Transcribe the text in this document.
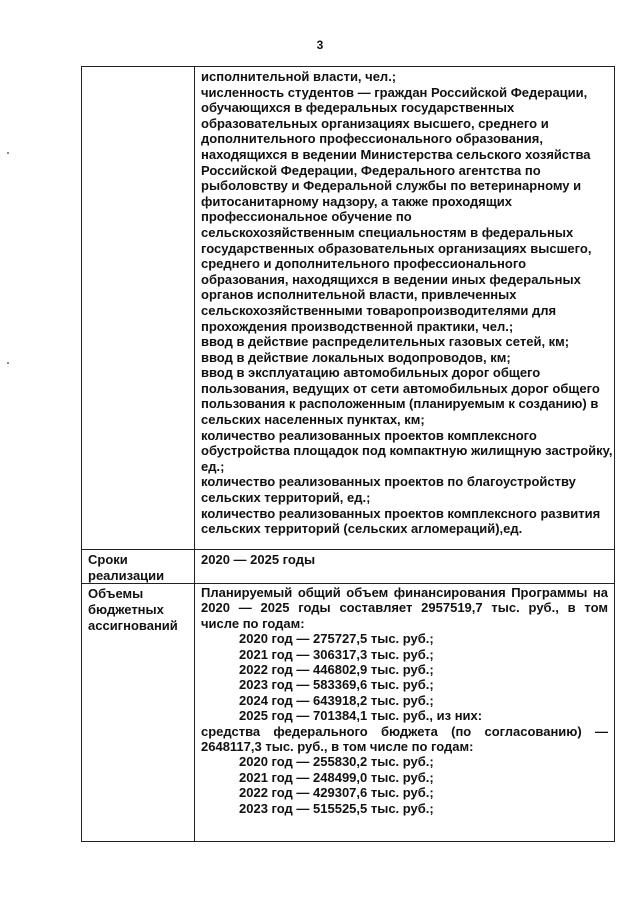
3
исполнительной власти, чел.;
численность студентов — граждан Российской Федерации,
обучающихся в федеральных государственных
образовательных организациях высшего, среднего и
дополнительного профессионального образования,
находящихся в ведении Министерства сельского хозяйства
Российской Федерации, Федерального агентства по
рыболовству и Федеральной службы по ветеринарному и
фитосанитарному надзору, а также проходящих
профессиональное обучение по
сельскохозяйственным специальностям в федеральных
государственных образовательных организациях высшего,
среднего и дополнительного профессионального
образования, находящихся в ведении иных федеральных
органов исполнительной власти, привлеченных
сельскохозяйственными товаропроизводителями для
прохождения производственной практики, чел.;
ввод в действие распределительных газовых сетей, км;
ввод в действие локальных водопроводов, км;
ввод в эксплуатацию автомобильных дорог общего
пользования, ведущих от сети автомобильных дорог общего
пользования к расположенным (планируемым к созданию) в
сельских населенных пунктах, км;
количество реализованных проектов комплексного
обустройства площадок под компактную жилищную застройку,
ед.;
количество реализованных проектов по благоустройству
сельских территорий, ед.;
количество реализованных проектов комплексного развития
сельских территорий (сельских агломераций),ед.
Сроки
реализации
2020 — 2025 годы
Объемы
бюджетных
ассигнований
Планируемый общий объем финансирования Программы на
2020 — 2025 годы составляет 2957519,7 тыс. руб., в том
числе по годам:
2020 год — 275727,5 тыс. руб.;
2021 год — 306317,3 тыс. руб.;
2022 год — 446802,9 тыс. руб.;
2023 год — 583369,6 тыс. руб.;
2024 год — 643918,2 тыс. руб.;
2025 год — 701384,1 тыс. руб., из них:
средства федерального бюджета (по согласованию) —
2648117,3 тыс. руб., в том числе по годам:
2020 год — 255830,2 тыс. руб.;
2021 год — 248499,0 тыс. руб.;
2022 год — 429307,6 тыс. руб.;
2023 год — 515525,5 тыс. руб.;
